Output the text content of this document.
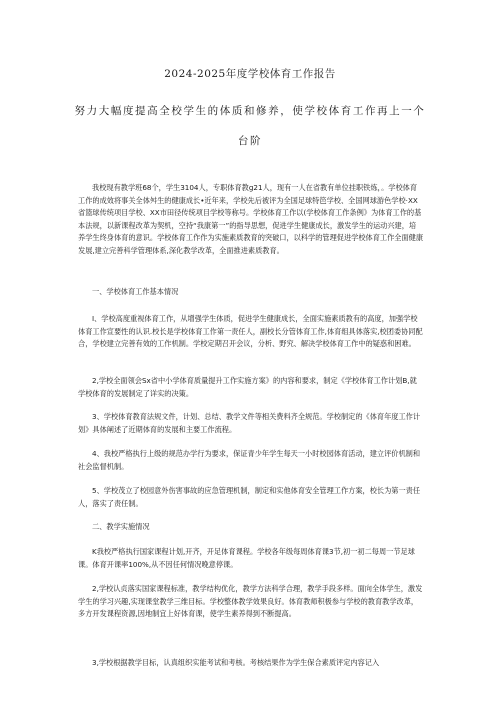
2024-2025年度学校体育工作报告
努力大幅度提高全校学生的体质和修养，使学校体育工作再上一个台阶
我校现有教学班68个，学生3104人，专职体育教g21人，现有一人在省教有单位挂职铁炼，。学校体育工作的成效将事关全体舛生的健康成长•近年来，学校先后被评为全国足球特笆学校、全国网球游色学校·XX省篮球传统项目学校、XX市田径传统项目学校等称号。学校体育工作以(学校体育工作条例》为体育工作的基本法规，以新课程改革为契机，空持“我康第一”的指导思想，促进学生健康成长，激发学生的运动兴建，培养学生终身体育的意识。学校体育工作作为实施素质教育的突破口，以科学的管理促进学校体育工作全面健康发展,建立完善科学管理体系,深化教学改革，全面推进素质教育。
一、学校体育工作基本情况
I、学校高度重视体育工作，从增强学生体质，促进学生健康成长，全面实施素质教有的高度，加强学校体育工作宣要性的认识.校长是学校体育工作第一责任人，副校长分管体育工作,体育组具体落实,校团委协同配合，学校建立完善有效的工作机制。学校定期召开会议，分析、野究、解决学校体育工作中的疑惑和困难。
2,学校全面领会Sx省中小学体育质量提升工作实施方案》的内容和要求，制定《学校体育工作计划B,就学校体育的发展制定了详实的决策。
3、学校体育教育法规文件，计划、总结、教学文件等相关费料齐全规范。学校制定的《体育年度工作计划》具体阐述了近期体育的发展和主要工作流程。
4、我校严格执行上级的规范办学行为要求，保证青少年学生每天一小时校园体育活动，建立评价机制和社会监督机制。
5、学校茂立了校园意外伤害事故的应急管理机制，制定和实他体育安全管理工作方案，校长为第一责任人，落实了责任制。
二、教学实施情况
K我校严格执行国家课程计划,开齐，开足体育课程。学校各年级每周体育课3节,初一初二每周一节足球课。体育开课率100%,从不因任何情况晚意停课。
2,学校认贞落实国家课程标准，教学结构优化，教学方法科学合理，教学手段多样。面向全体学生，激发学生的学习兴趣,实现课堂教学三维目标。学校整体教学效果良好。体育教师积极参与学校的教育教学改革，多方开发课程资源,因地制宜上好体育课，使学生素养得到不断提高。
3,学校根据教学目标，认真组织实能考试和考核。考核结果作为学生保合素质评定内容记入
